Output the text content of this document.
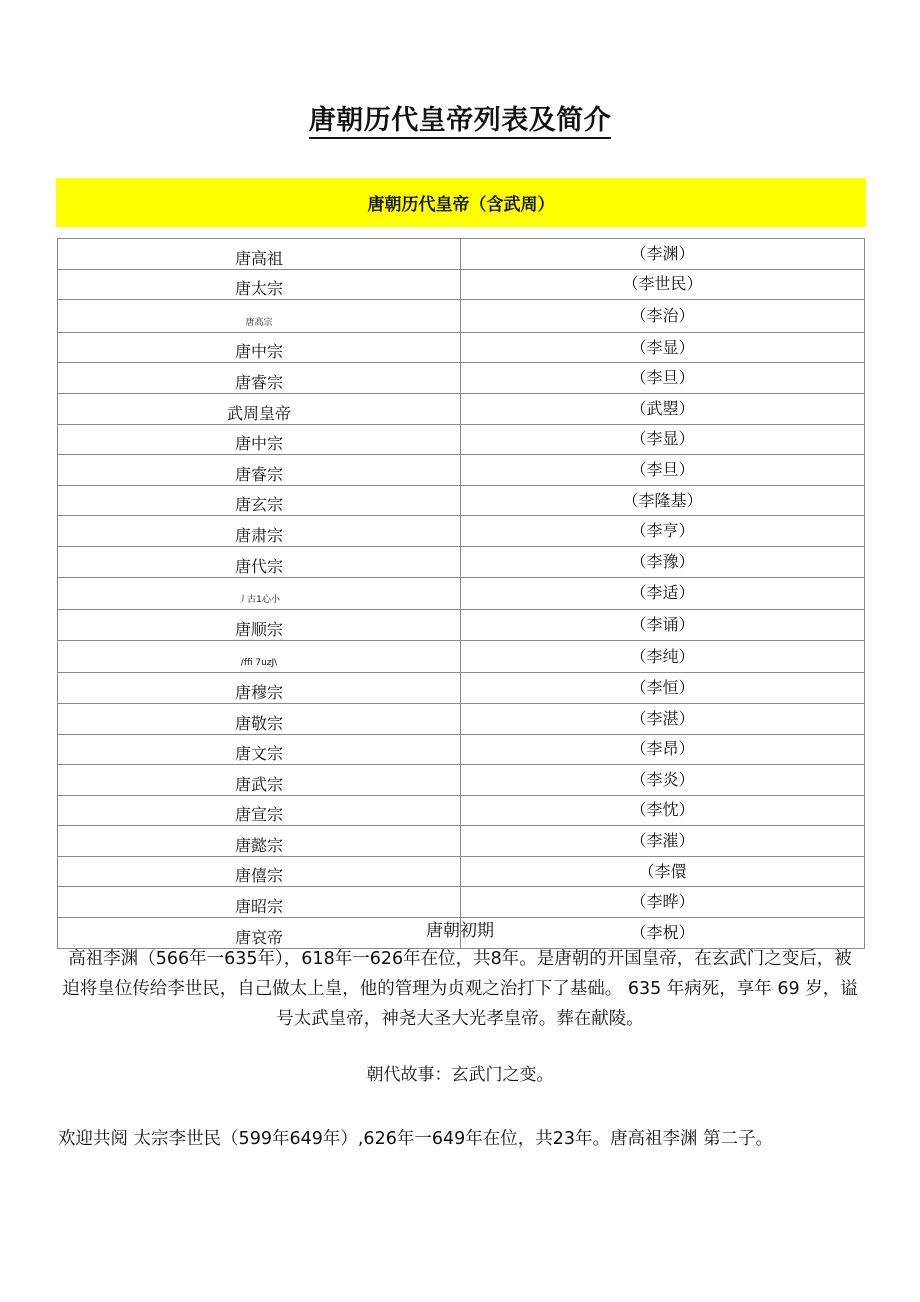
唐朝历代皇帝列表及简介
唐朝历代皇帝（含武周）
唐高祖	（李渊）
唐太宗	（李世民）
唐高宗	（李治）
唐中宗	（李显）
唐睿宗	（李旦）
武周皇帝	（武曌）
唐中宗	（李显）
唐睿宗	（李旦）
唐玄宗	（李隆基）
唐肃宗	（李亨）
唐代宗	（李豫）
丿古1心小	（李适）
唐顺宗	（李诵）
/ffi 7uzJ\	（李纯）
唐穆宗	（李恒）
唐敬宗	（李湛）
唐文宗	（李昂）
唐武宗	（李炎）
唐宣宗	（李忱）
唐懿宗	（李漼）
唐僖宗	（李儇
唐昭宗	（李晔）
唐哀帝	（李柷）
唐朝初期
高祖李渊（566年一635年），618年一626年在位，共8年。是唐朝的开国皇帝，在玄武门之变后，被迫将皇位传给李世民，自己做太上皇，他的管理为贞观之治打下了基础。 635 年病死，享年 69 岁，谥号太武皇帝，神尧大圣大光孝皇帝。葬在献陵。
朝代故事：玄武门之变。
欢迎共阅 太宗李世民（599年649年）,626年一649年在位，共23年。唐高祖李渊 第二子。
